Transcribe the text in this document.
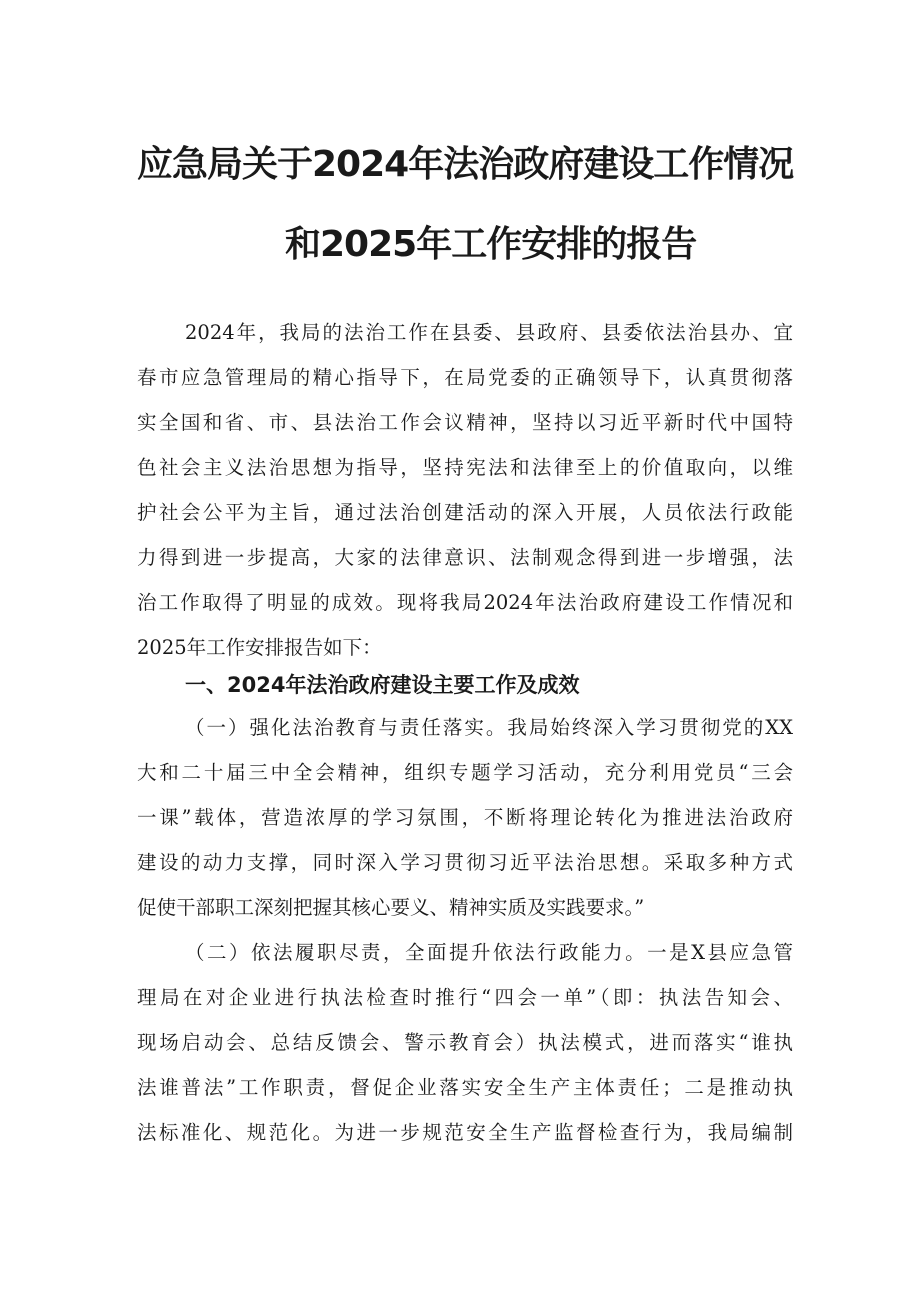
应急局关于2024年法治政府建设工作情况
和2025年工作安排的报告
2024年，我局的法治工作在县委、县政府、县委依法治县办、宜
春市应急管理局的精心指导下，在局党委的正确领导下，认真贯彻落
实全国和省、市、县法治工作会议精神，坚持以习近平新时代中国特
色社会主义法治思想为指导，坚持宪法和法律至上的价值取向，以维
护社会公平为主旨，通过法治创建活动的深入开展，人员依法行政能
力得到进一步提高，大家的法律意识、法制观念得到进一步增强，法
治工作取得了明显的成效。现将我局2024年法治政府建设工作情况和
2025年工作安排报告如下：
一、2024年法治政府建设主要工作及成效
（一）强化法治教育与责任落实。我局始终深入学习贯彻党的XX
大和二十届三中全会精神，组织专题学习活动，充分利用党员“三会
一课”载体，营造浓厚的学习氛围，不断将理论转化为推进法治政府
建设的动力支撑，同时深入学习贯彻习近平法治思想。采取多种方式
促使干部职工深刻把握其核心要义、精神实质及实践要求。”
（二）依法履职尽责，全面提升依法行政能力。一是X县应急管
理局在对企业进行执法检查时推行“四会一单”（即：执法告知会、
现场启动会、总结反馈会、警示教育会）执法模式，进而落实“谁执
法谁普法”工作职责，督促企业落实安全生产主体责任；二是推动执
法标准化、规范化。为进一步规范安全生产监督检查行为，我局编制
